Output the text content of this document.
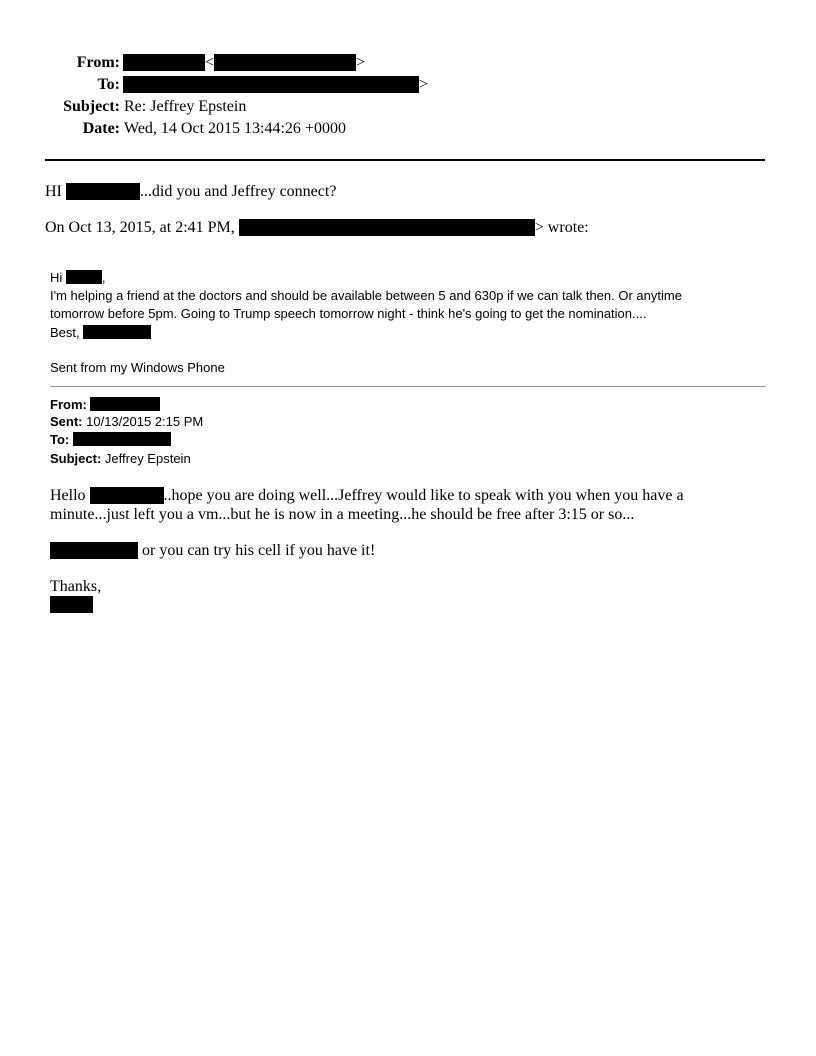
From:	<	>
To:	>
Subject: Re: Jeffrey Epstein
Date: Wed, 14 Oct 2015 13:44:26 +0000
HI	...did you and Jeffrey connect?
On Oct 13, 2015, at 2:41 PM,	> wrote:
Hi	,
I'm helping a friend at the doctors and should be available between 5 and 630p if we can talk then. Or anytime
tomorrow before 5pm. Going to Trump speech tomorrow night - think he's going to get the nomination....
Best,
Sent from my Windows Phone
From:
Sent: 10/13/2015 2:15 PM
To:
Subject: Jeffrey Epstein
Hello	..hope you are doing well...Jeffrey would like to speak with you when you have a
minute...just left you a vm...but he is now in a meeting...he should be free after 3:15 or so...
or you can try his cell if you have it!
Thanks,
